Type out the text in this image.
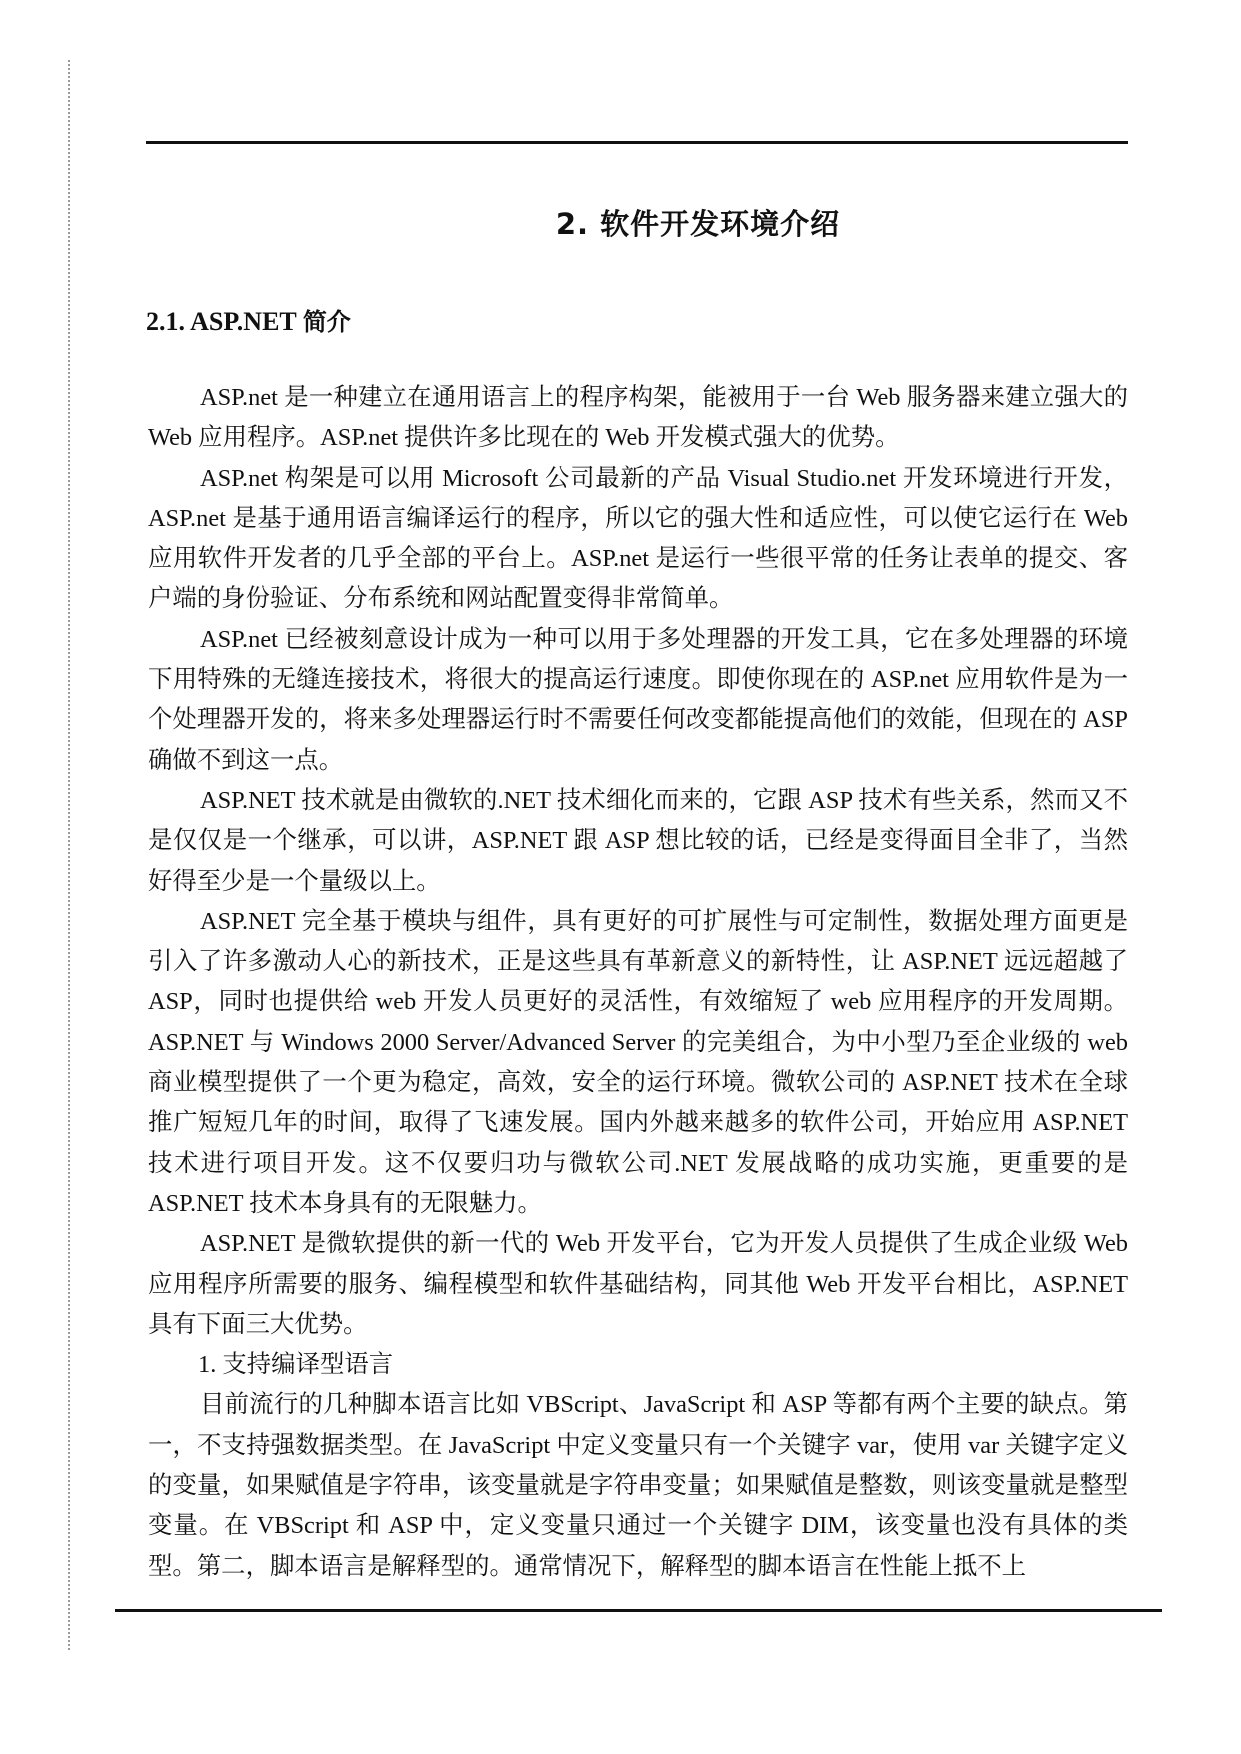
2. 软件开发环境介绍
2.1. ASP.NET 简介

ASP.net 是一种建立在通用语言上的程序构架，能被用于一台 Web 服务器来建立强大的 Web 应用程序。ASP.net 提供许多比现在的 Web 开发模式强大的优势。

ASP.net 构架是可以用 Microsoft 公司最新的产品 Visual Studio.net 开发环境进行开发，ASP.net 是基于通用语言编译运行的程序，所以它的强大性和适应性，可以使它运行在 Web 应用软件开发者的几乎全部的平台上。ASP.net 是运行一些很平常的任务让表单的提交、客户端的身份验证、分布系统和网站配置变得非常简单。

ASP.net 已经被刻意设计成为一种可以用于多处理器的开发工具，它在多处理器的环境下用特殊的无缝连接技术，将很大的提高运行速度。即使你现在的 ASP.net 应用软件是为一个处理器开发的，将来多处理器运行时不需要任何改变都能提高他们的效能，但现在的 ASP 确做不到这一点。

ASP.NET 技术就是由微软的.NET 技术细化而来的，它跟 ASP 技术有些关系，然而又不是仅仅是一个继承，可以讲，ASP.NET 跟 ASP 想比较的话，已经是变得面目全非了，当然好得至少是一个量级以上。

ASP.NET 完全基于模块与组件，具有更好的可扩展性与可定制性，数据处理方面更是引入了许多激动人心的新技术，正是这些具有革新意义的新特性，让 ASP.NET 远远超越了 ASP，同时也提供给 web 开发人员更好的灵活性，有效缩短了 web 应用程序的开发周期。ASP.NET 与 Windows 2000 Server/Advanced Server 的完美组合，为中小型乃至企业级的 web 商业模型提供了一个更为稳定，高效，安全的运行环境。微软公司的 ASP.NET 技术在全球推广短短几年的时间，取得了飞速发展。国内外越来越多的软件公司，开始应用 ASP.NET 技术进行项目开发。这不仅要归功与微软公司.NET 发展战略的成功实施，更重要的是 ASP.NET 技术本身具有的无限魅力。

ASP.NET 是微软提供的新一代的 Web 开发平台，它为开发人员提供了生成企业级 Web 应用程序所需要的服务、编程模型和软件基础结构，同其他 Web 开发平台相比，ASP.NET 具有下面三大优势。

1. 支持编译型语言

目前流行的几种脚本语言比如 VBScript、JavaScript 和 ASP 等都有两个主要的缺点。第一，不支持强数据类型。在 JavaScript 中定义变量只有一个关键字 var，使用 var 关键字定义的变量，如果赋值是字符串，该变量就是字符串变量；如果赋值是整数，则该变量就是整型变量。在 VBScript 和 ASP 中，定义变量只通过一个关键字 DIM，该变量也没有具体的类型。第二，脚本语言是解释型的。通常情况下，解释型的脚本语言在性能上抵不上
